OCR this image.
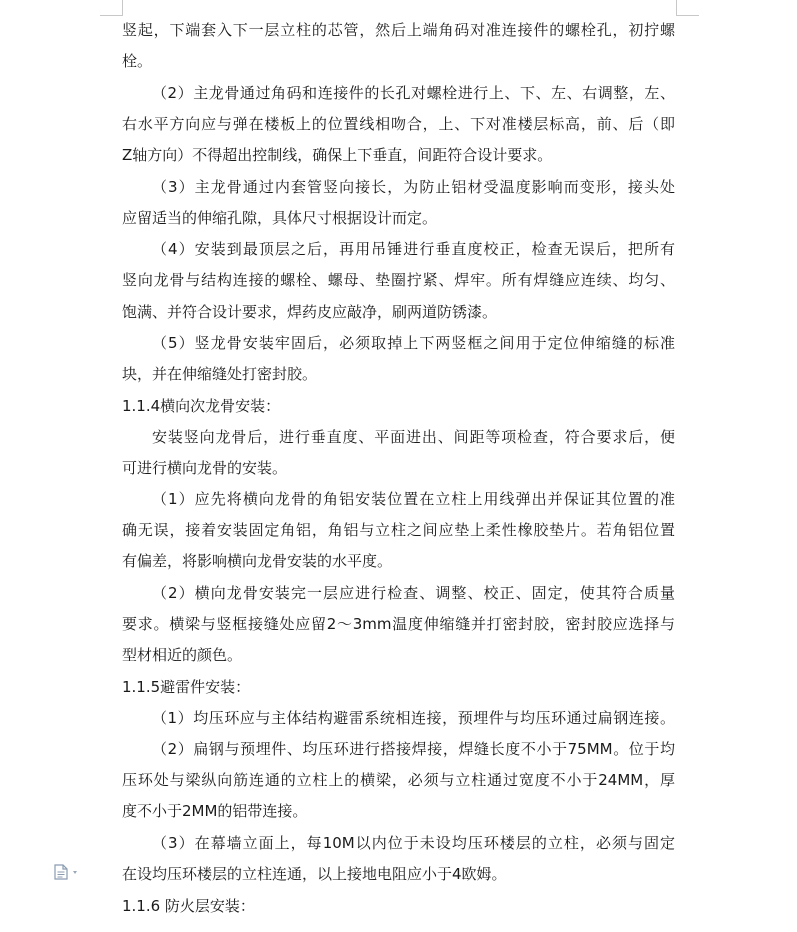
竖起，下端套入下一层立柱的芯管，然后上端角码对准连接件的螺栓孔，初拧螺

栓。

（2）主龙骨通过角码和连接件的长孔对螺栓进行上、下、左、右调整，左、

右水平方向应与弹在楼板上的位置线相吻合，上、下对准楼层标高，前、后（即

Z轴方向）不得超出控制线，确保上下垂直，间距符合设计要求。

（3）主龙骨通过内套管竖向接长，为防止铝材受温度影响而变形，接头处

应留适当的伸缩孔隙，具体尺寸根据设计而定。

（4）安装到最顶层之后，再用吊锤进行垂直度校正，检查无误后，把所有

竖向龙骨与结构连接的螺栓、螺母、垫圈拧紧、焊牢。所有焊缝应连续、均匀、

饱满、并符合设计要求，焊药皮应敲净，刷两道防锈漆。

（5）竖龙骨安装牢固后，必须取掉上下两竖框之间用于定位伸缩缝的标准

块，并在伸缩缝处打密封胶。

1.1.4横向次龙骨安装：

安装竖向龙骨后，进行垂直度、平面进出、间距等项检查，符合要求后，便

可进行横向龙骨的安装。

（1）应先将横向龙骨的角铝安装位置在立柱上用线弹出并保证其位置的准

确无误，接着安装固定角铝，角铝与立柱之间应垫上柔性橡胶垫片。若角铝位置

有偏差，将影响横向龙骨安装的水平度。

（2）横向龙骨安装完一层应进行检查、调整、校正、固定，使其符合质量

要求。横梁与竖框接缝处应留2～3mm温度伸缩缝并打密封胶，密封胶应选择与

型材相近的颜色。

1.1.5避雷件安装：

（1）均压环应与主体结构避雷系统相连接，预埋件与均压环通过扁钢连接。

（2）扁钢与预埋件、均压环进行搭接焊接，焊缝长度不小于75MM。位于均

压环处与梁纵向筋连通的立柱上的横梁，必须与立柱通过宽度不小于24MM，厚

度不小于2MM的铝带连接。

（3）在幕墙立面上，每10M以内位于未设均压环楼层的立柱，必须与固定

在设均压环楼层的立柱连通，以上接地电阻应小于4欧姆。

1.1.6 防火层安装：
